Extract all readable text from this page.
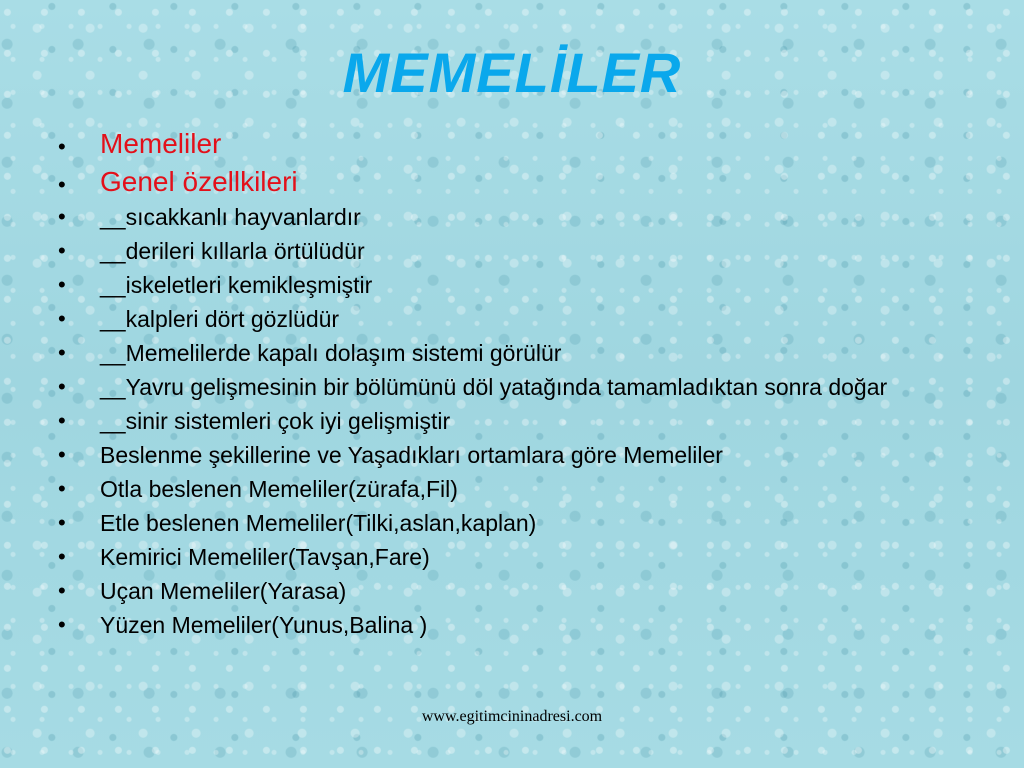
MEMELİLER
•	Memeliler
•	Genel özellkileri
•	__sıcakkanlı hayvanlardır
•	__derileri kıllarla örtülüdür
•	__iskeletleri kemikleşmiştir
•	__kalpleri dört gözlüdür
•	__Memelilerde kapalı dolaşım sistemi görülür
•	__Yavru gelişmesinin bir bölümünü döl yatağında tamamladıktan sonra doğar
•	__sinir sistemleri çok iyi gelişmiştir
•	Beslenme şekillerine ve Yaşadıkları ortamlara göre Memeliler
•	Otla beslenen Memeliler(zürafa,Fil)
•	Etle beslenen Memeliler(Tilki,aslan,kaplan)
•	Kemirici Memeliler(Tavşan,Fare)
•	Uçan Memeliler(Yarasa)
•	Yüzen Memeliler(Yunus,Balina )
www.egitimcininadresi.com
